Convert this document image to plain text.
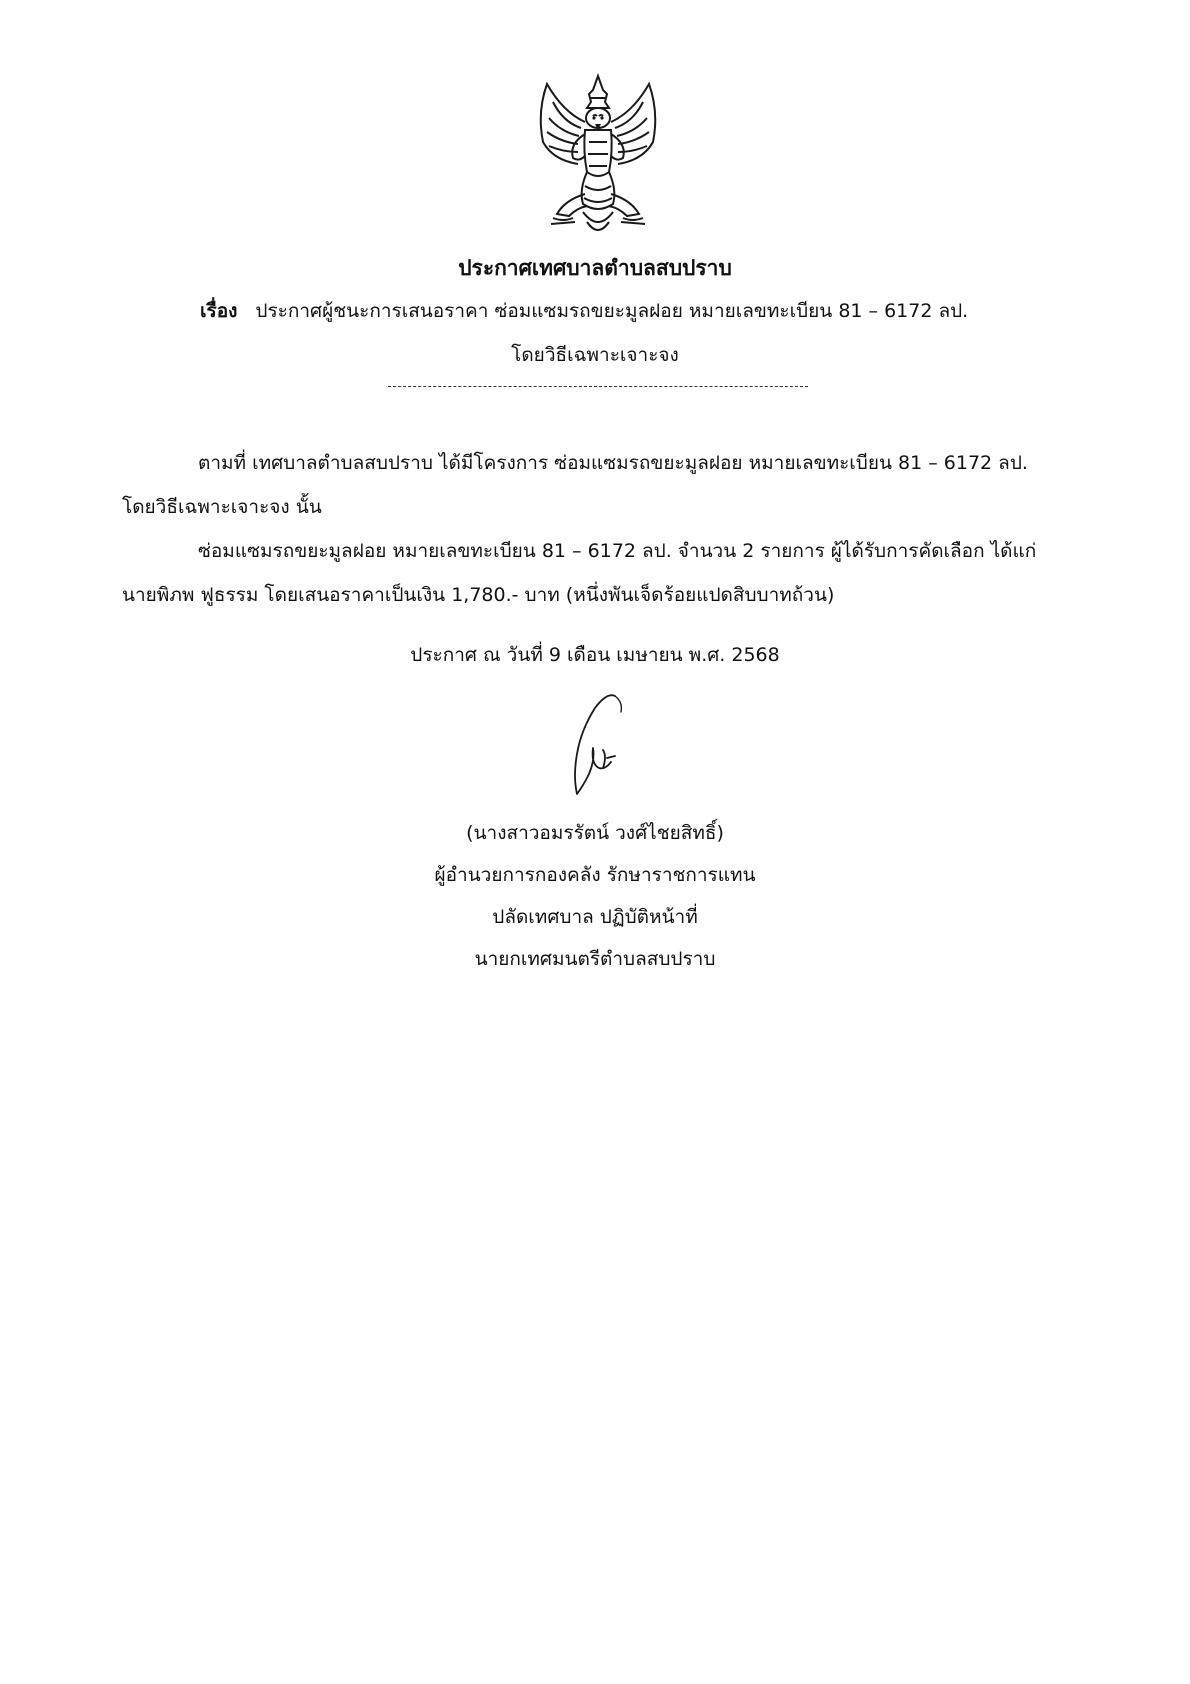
ประกาศเทศบาลตำบลสบปราบ
เรื่อง ประกาศผู้ชนะการเสนอราคา ซ่อมแซมรถขยะมูลฝอย หมายเลขทะเบียน 81 – 6172 ลป.
โดยวิธีเฉพาะเจาะจง
ตามที่ เทศบาลตำบลสบปราบ ได้มีโครงการ ซ่อมแซมรถขยะมูลฝอย หมายเลขทะเบียน 81 – 6172 ลป.
โดยวิธีเฉพาะเจาะจง นั้น
ซ่อมแซมรถขยะมูลฝอย หมายเลขทะเบียน 81 – 6172 ลป. จำนวน 2 รายการ ผู้ได้รับการคัดเลือก ได้แก่
นายพิภพ ฟูธรรม โดยเสนอราคาเป็นเงิน 1,780.- บาท (หนึ่งพันเจ็ดร้อยแปดสิบบาทถ้วน)
ประกาศ ณ วันที่ 9 เดือน เมษายน พ.ศ. 2568
(นางสาวอมรรัตน์ วงศ์ไชยสิทธิ์)
ผู้อำนวยการกองคลัง รักษาราชการแทน
ปลัดเทศบาล ปฏิบัติหน้าที่
นายกเทศมนตรีตำบลสบปราบ
